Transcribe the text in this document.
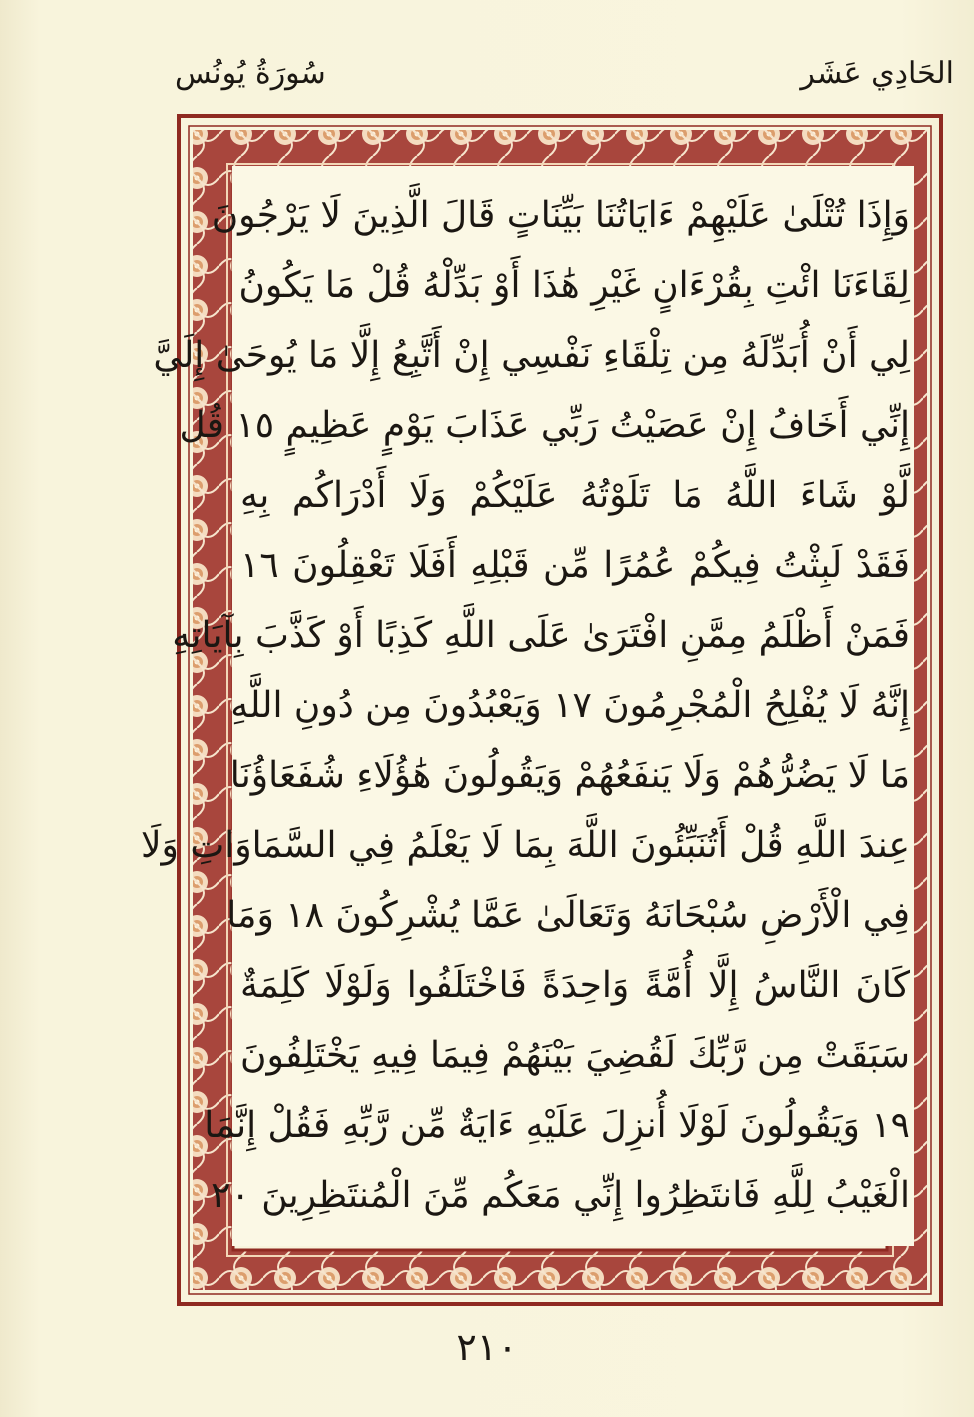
سُورَةُ يُونُس	الحَادِي عَشَر
وَإِذَا تُتْلَىٰ عَلَيْهِمْ ءَايَاتُنَا بَيِّنَاتٍ قَالَ الَّذِينَ لَا يَرْجُونَ
لِقَاءَنَا ائْتِ بِقُرْءَانٍ غَيْرِ هَٰذَا أَوْ بَدِّلْهُ قُلْ مَا يَكُونُ
لِي أَنْ أُبَدِّلَهُ مِن تِلْقَاءِ نَفْسِي إِنْ أَتَّبِعُ إِلَّا مَا يُوحَىٰ إِلَيَّ
إِنِّي أَخَافُ إِنْ عَصَيْتُ رَبِّي عَذَابَ يَوْمٍ عَظِيمٍ ١٥ قُل
لَّوْ شَاءَ اللَّهُ مَا تَلَوْتُهُ عَلَيْكُمْ وَلَا أَدْرَاكُم بِهِ
فَقَدْ لَبِثْتُ فِيكُمْ عُمُرًا مِّن قَبْلِهِ أَفَلَا تَعْقِلُونَ ١٦
فَمَنْ أَظْلَمُ مِمَّنِ افْتَرَىٰ عَلَى اللَّهِ كَذِبًا أَوْ كَذَّبَ بِآيَاتِهِ
إِنَّهُ لَا يُفْلِحُ الْمُجْرِمُونَ ١٧ وَيَعْبُدُونَ مِن دُونِ اللَّهِ
مَا لَا يَضُرُّهُمْ وَلَا يَنفَعُهُمْ وَيَقُولُونَ هَٰؤُلَاءِ شُفَعَاؤُنَا
عِندَ اللَّهِ قُلْ أَتُنَبِّئُونَ اللَّهَ بِمَا لَا يَعْلَمُ فِي السَّمَاوَاتِ وَلَا
فِي الْأَرْضِ سُبْحَانَهُ وَتَعَالَىٰ عَمَّا يُشْرِكُونَ ١٨ وَمَا
كَانَ النَّاسُ إِلَّا أُمَّةً وَاحِدَةً فَاخْتَلَفُوا وَلَوْلَا كَلِمَةٌ
سَبَقَتْ مِن رَّبِّكَ لَقُضِيَ بَيْنَهُمْ فِيمَا فِيهِ يَخْتَلِفُونَ
١٩ وَيَقُولُونَ لَوْلَا أُنزِلَ عَلَيْهِ ءَايَةٌ مِّن رَّبِّهِ فَقُلْ إِنَّمَا
الْغَيْبُ لِلَّهِ فَانتَظِرُوا إِنِّي مَعَكُم مِّنَ الْمُنتَظِرِينَ ٢٠
٢١٠
